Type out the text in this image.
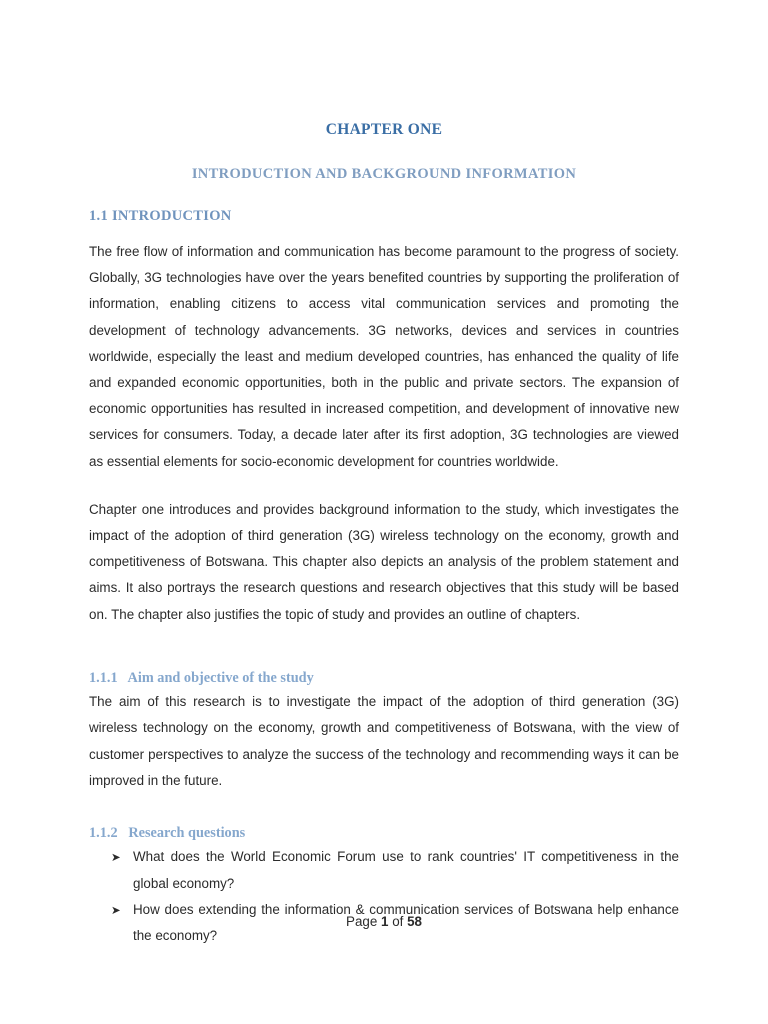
CHAPTER ONE
INTRODUCTION AND BACKGROUND INFORMATION
1.1 INTRODUCTION

The free flow of information and communication has become paramount to the progress of society. Globally, 3G technologies have over the years benefited countries by supporting the proliferation of information, enabling citizens to access vital communication services and promoting the development of technology advancements. 3G networks, devices and services in countries worldwide, especially the least and medium developed countries, has enhanced the quality of life and expanded economic opportunities, both in the public and private sectors. The expansion of economic opportunities has resulted in increased competition, and development of innovative new services for consumers. Today, a decade later after its first adoption, 3G technologies are viewed as essential elements for socio-economic development for countries worldwide.

Chapter one introduces and provides background information to the study, which investigates the impact of the adoption of third generation (3G) wireless technology on the economy, growth and competitiveness of Botswana. This chapter also depicts an analysis of the problem statement and aims. It also portrays the research questions and research objectives that this study will be based on. The chapter also justifies the topic of study and provides an outline of chapters.

1.1.1   Aim and objective of the study

The aim of this research is to investigate the impact of the adoption of third generation (3G) wireless technology on the economy, growth and competitiveness of Botswana, with the view of customer perspectives to analyze the success of the technology and recommending ways it can be improved in the future.

1.1.2   Research questions
➤ What does the World Economic Forum use to rank countries' IT competitiveness in the global economy?
➤ How does extending the information & communication services of Botswana help enhance the economy?
Page 1 of 58
